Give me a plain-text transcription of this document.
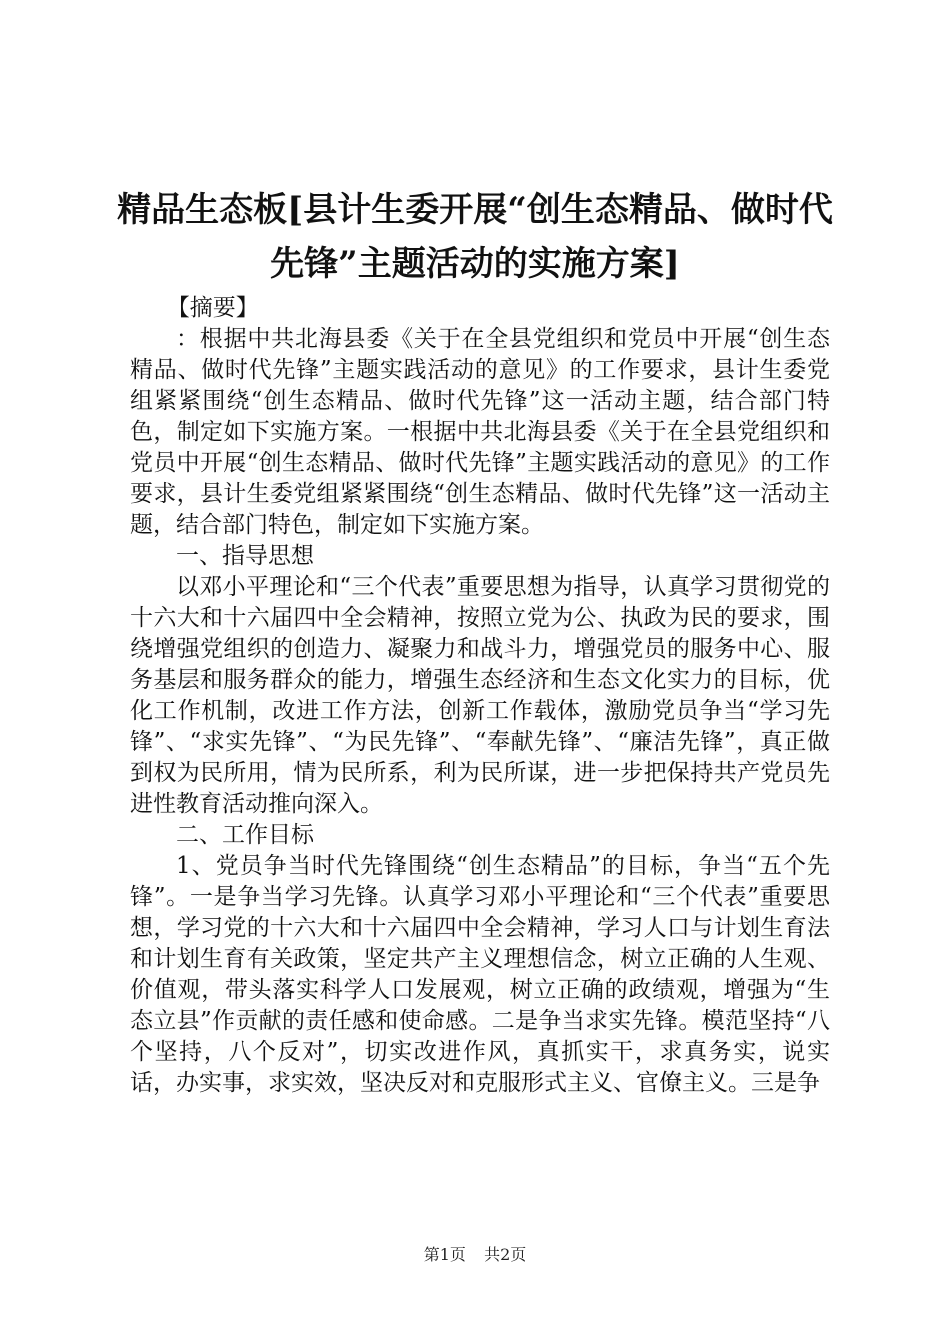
精品生态板[县计生委开展“创生态精品、做时代先锋”主题活动的实施方案]

【摘要】

：根据中共北海县委《关于在全县党组织和党员中开展“创生态精品、做时代先锋”主题实践活动的意见》的工作要求，县计生委党组紧紧围绕“创生态精品、做时代先锋”这一活动主题，结合部门特色，制定如下实施方案。一根据中共北海县委《关于在全县党组织和党员中开展“创生态精品、做时代先锋”主题实践活动的意见》的工作要求，县计生委党组紧紧围绕“创生态精品、做时代先锋”这一活动主题，结合部门特色，制定如下实施方案。

一、指导思想

以邓小平理论和“三个代表”重要思想为指导，认真学习贯彻党的十六大和十六届四中全会精神，按照立党为公、执政为民的要求，围绕增强党组织的创造力、凝聚力和战斗力，增强党员的服务中心、服务基层和服务群众的能力，增强生态经济和生态文化实力的目标，优化工作机制，改进工作方法，创新工作载体，激励党员争当“学习先锋”、“求实先锋”、“为民先锋”、“奉献先锋”、“廉洁先锋”，真正做到权为民所用，情为民所系，利为民所谋，进一步把保持共产党员先进性教育活动推向深入。

二、工作目标

1、党员争当时代先锋围绕“创生态精品”的目标，争当“五个先锋”。一是争当学习先锋。认真学习邓小平理论和“三个代表”重要思想，学习党的十六大和十六届四中全会精神，学习人口与计划生育法和计划生育有关政策，坚定共产主义理想信念，树立正确的人生观、价值观，带头落实科学人口发展观，树立正确的政绩观，增强为“生态立县”作贡献的责任感和使命感。二是争当求实先锋。模范坚持“八个坚持，八个反对”，切实改进作风，真抓实干，求真务实，说实话，办实事，求实效，坚决反对和克服形式主义、官僚主义。三是争

第1页 共2页
